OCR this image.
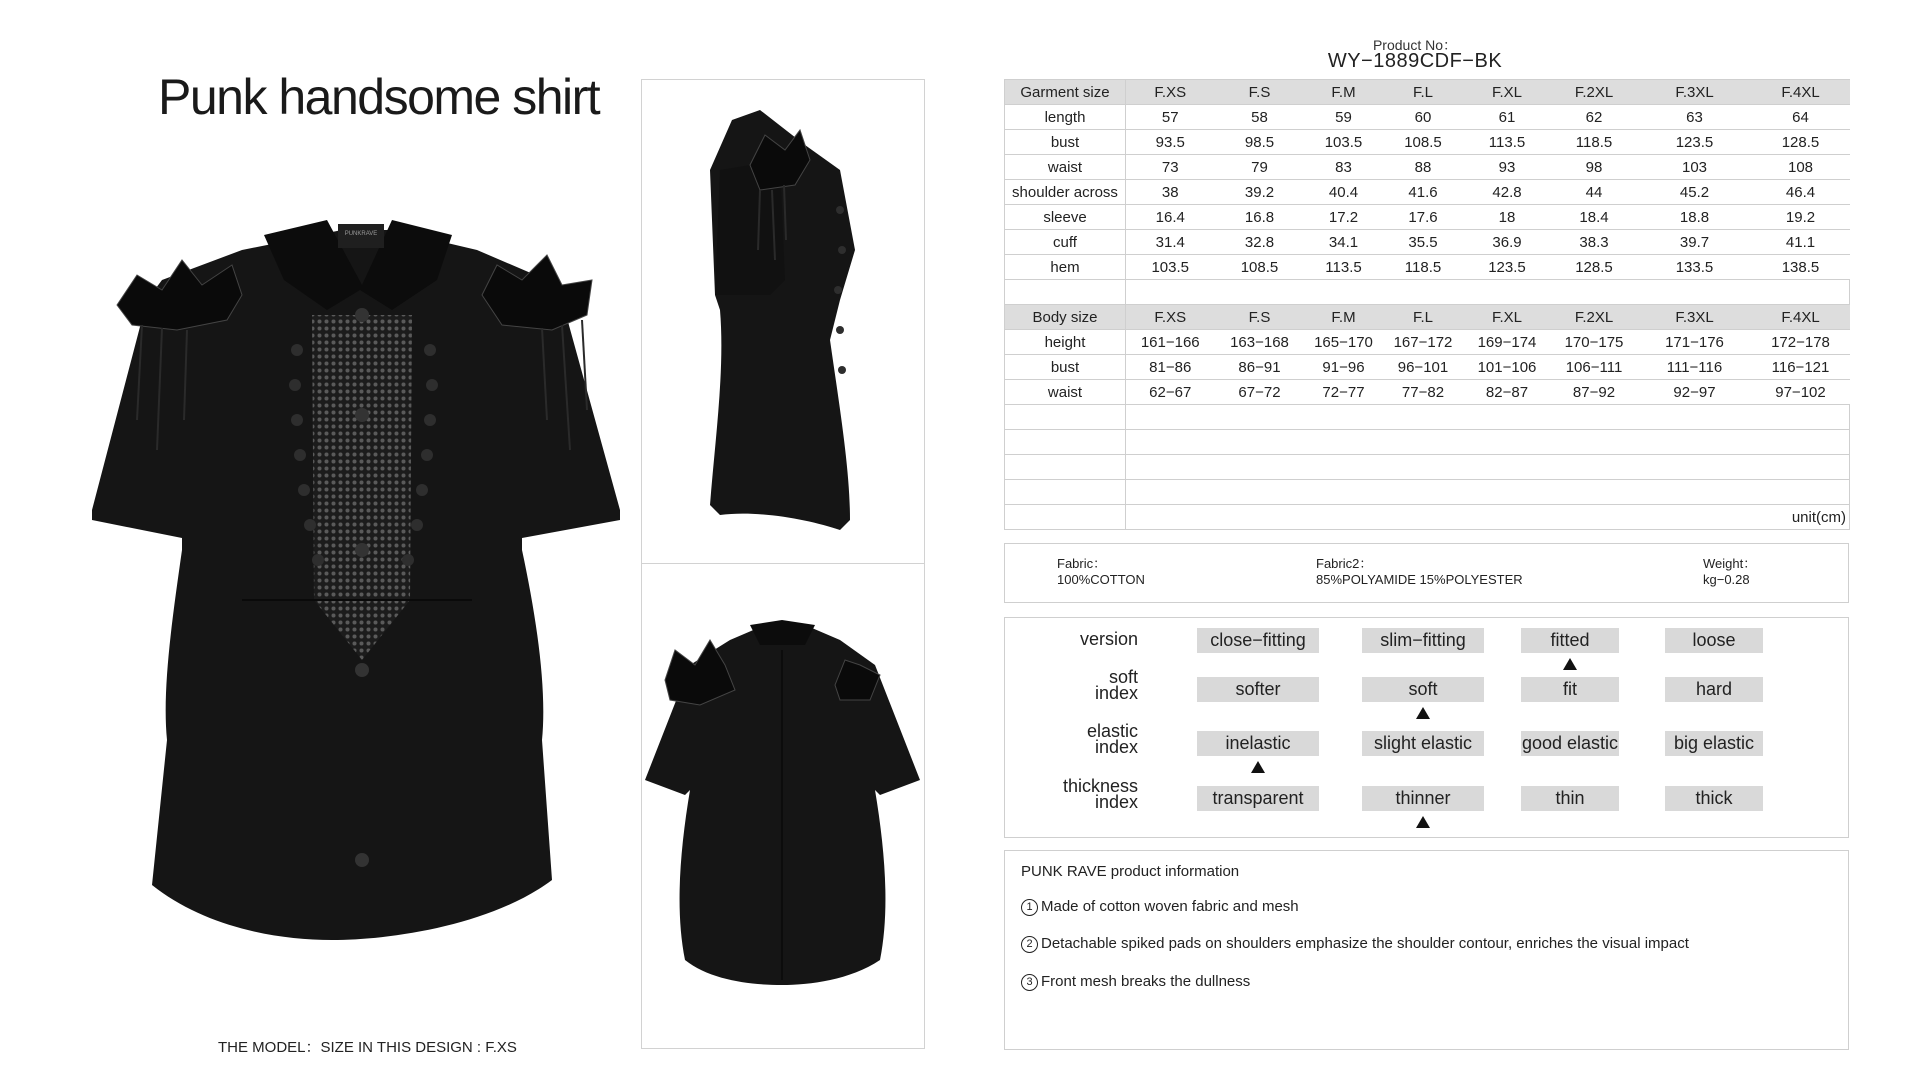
Punk handsome shirt
PUNKRAVE
THE MODEL：SIZE IN THIS DESIGN : F.XS
Product No：
WY−1889CDF−BK
Garment size	F.XS	F.S	F.M	F.L	F.XL	F.2XL	F.3XL	F.4XL
length	57	58	59	60	61	62	63	64
bust	93.5	98.5	103.5	108.5	113.5	118.5	123.5	128.5
waist	73	79	83	88	93	98	103	108
shoulder across	38	39.2	40.4	41.6	42.8	44	45.2	46.4
sleeve	16.4	16.8	17.2	17.6	18	18.4	18.8	19.2
cuff	31.4	32.8	34.1	35.5	36.9	38.3	39.7	41.1
hem	103.5	108.5	113.5	118.5	123.5	128.5	133.5	138.5

Body size	F.XS	F.S	F.M	F.L	F.XL	F.2XL	F.3XL	F.4XL
height	161−166	163−168	165−170	167−172	169−174	170−175	171−176	172−178
bust	81−86	86−91	91−96	96−101	101−106	106−111	111−116	116−121
waist	62−67	67−72	72−77	77−82	82−87	87−92	92−97	97−102

	unit(cm)							
Fabric：
100%COTTON
Fabric2：
85%POLYAMIDE 15%POLYESTER
Weight：
kg−0.28
version	close−fitting	slim−fitting	fitted	loose
soft
index	softer	soft	fit	hard
elastic
index	inelastic	slight elastic	good elastic	big elastic
thickness
index	transparent	thinner	thin	thick
PUNK RAVE product information
1 Made of cotton woven fabric and mesh
2 Detachable spiked pads on shoulders emphasize the shoulder contour, enriches the visual impact
3 Front mesh breaks the dullness
